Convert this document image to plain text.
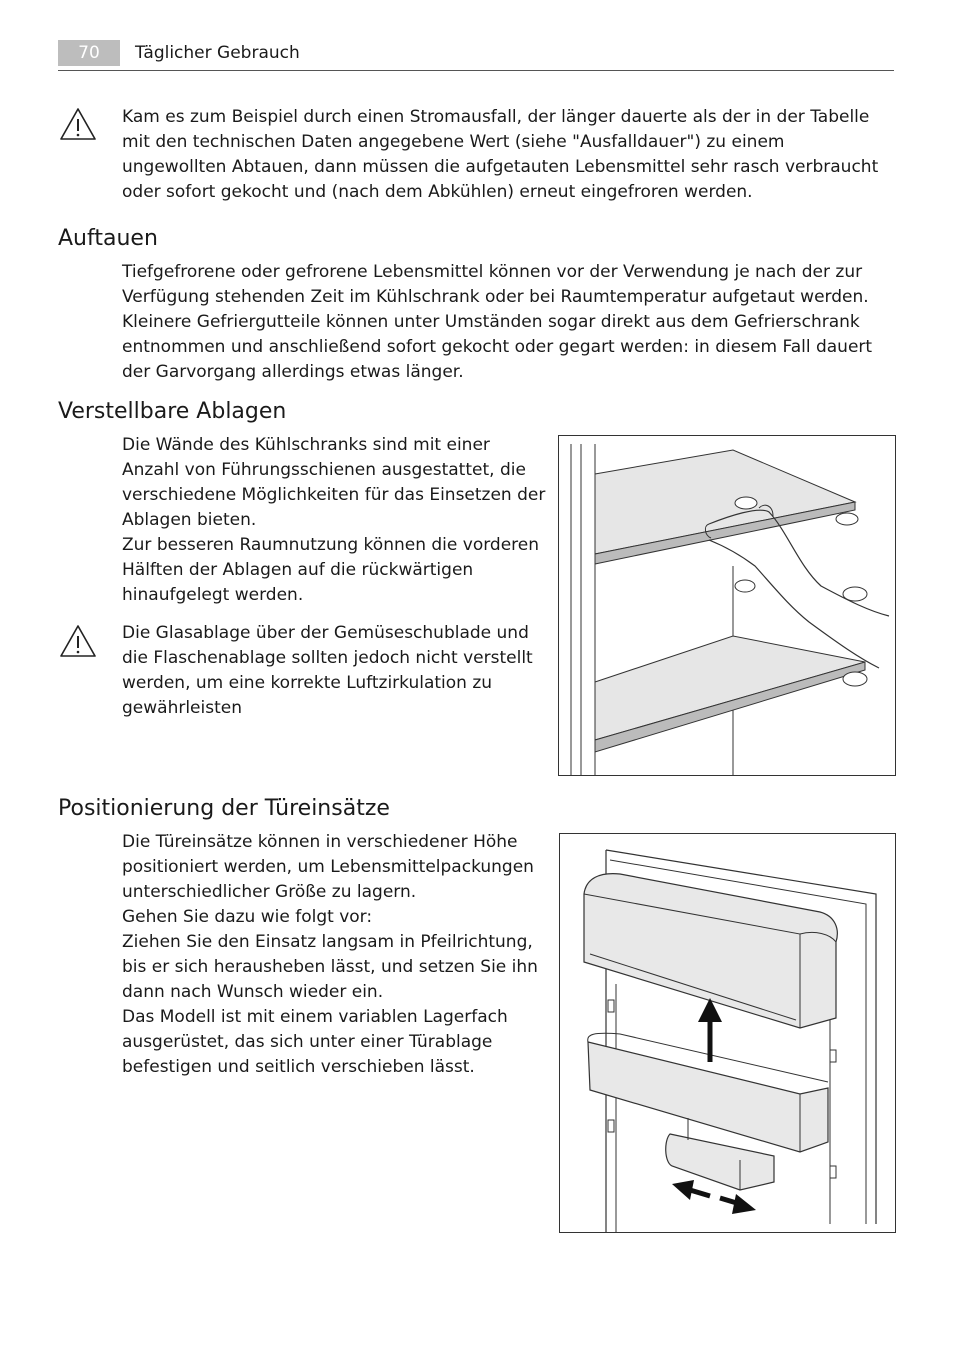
70	Täglicher Gebrauch

Kam es zum Beispiel durch einen Stromausfall, der länger dauerte als der in der Tabelle mit den technischen Daten angegebene Wert (siehe "Ausfalldauer") zu einem ungewollten Abtauen, dann müssen die aufgetauten Lebensmittel sehr rasch verbraucht oder sofort gekocht und (nach dem Abkühlen) erneut eingefroren werden.

Auftauen

Tiefgefrorene oder gefrorene Lebensmittel können vor der Verwendung je nach der zur Verfügung stehenden Zeit im Kühlschrank oder bei Raumtemperatur aufgetaut werden. Kleinere Gefriergutteile können unter Umständen sogar direkt aus dem Gefrierschrank entnommen und anschließend sofort gekocht oder gegart werden: in diesem Fall dauert der Garvorgang allerdings etwas länger.

Verstellbare Ablagen

Die Wände des Kühlschranks sind mit einer Anzahl von Führungsschienen ausgestattet, die verschiedene Möglichkeiten für das Einsetzen der Ablagen bieten.

Zur besseren Raumnutzung können die vorderen Hälften der Ablagen auf die rückwärtigen hinaufgelegt werden.

Die Glasablage über der Gemüseschublade und die Flaschenablage sollten jedoch nicht verstellt werden, um eine korrekte Luftzirkulation zu gewährleisten

Positionierung der Türeinsätze

Die Türeinsätze können in verschiedener Höhe positioniert werden, um Lebensmittelpackungen unterschiedlicher Größe zu lagern.

Gehen Sie dazu wie folgt vor:

Ziehen Sie den Einsatz langsam in Pfeilrichtung, bis er sich herausheben lässt, und setzen Sie ihn dann nach Wunsch wieder ein.

Das Modell ist mit einem variablen Lagerfach ausgerüstet, das sich unter einer Türablage befestigen und seitlich verschieben lässt.
